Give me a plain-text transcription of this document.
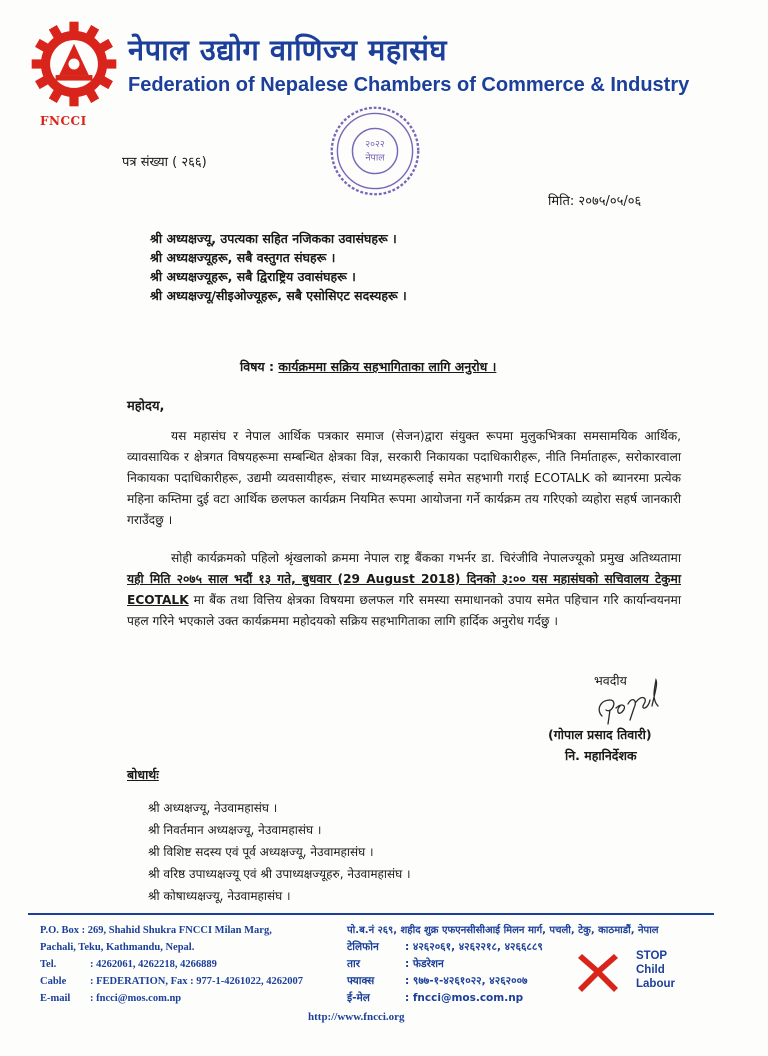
FNCCI
नेपाल उद्योग वाणिज्य महासंघ
Federation of Nepalese Chambers of Commerce & Industry
२०२२
नेपाल
पत्र संख्या ( २६६)
मिति: २०७५/०५/०६
श्री अध्यक्षज्यू, उपत्यका सहित नजिकका उवासंघहरू ।
श्री अध्यक्षज्यूहरू, सबै वस्तुगत संघहरू ।
श्री अध्यक्षज्यूहरू, सबै द्विराष्ट्रिय उवासंघहरू ।
श्री अध्यक्षज्यू/सीइओज्यूहरू, सबै एसोसिएट सदस्यहरू ।
विषय : कार्यक्रममा सक्रिय सहभागिताका लागि अनुरोध ।
महोदय,
यस महासंघ र नेपाल आर्थिक पत्रकार समाज (सेजन)द्वारा संयुक्त रूपमा मुलुकभित्रका समसामयिक आर्थिक, व्यावसायिक र क्षेत्रगत विषयहरूमा सम्बन्धित क्षेत्रका विज्ञ, सरकारी निकायका पदाधिकारीहरू, नीति निर्माताहरू, सरोकारवाला निकायका पदाधिकारीहरू, उद्यमी व्यवसायीहरू, संचार माध्यमहरूलाई समेत सहभागी गराई ECOTALK को ब्यानरमा प्रत्येक महिना कम्तिमा दुई वटा आर्थिक छलफल कार्यक्रम नियमित रूपमा आयोजना गर्ने कार्यक्रम तय गरिएको व्यहोरा सहर्ष जानकारी गराउँदछु ।
सोही कार्यक्रमको पहिलो श्रृंखलाको क्रममा नेपाल राष्ट्र बैंकका गभर्नर डा. चिरंजीवि नेपालज्यूको प्रमुख अतिथ्यतामा यही मिति २०७५ साल भदौं १३ गते, बुधवार (29 August 2018) दिनको ३:०० यस महासंघको सचिवालय टेकुमा ECOTALK मा बैंक तथा वित्तिय क्षेत्रका विषयमा छलफल गरि समस्या समाधानको उपाय समेत पहिचान गरि कार्यान्वयनमा पहल गरिने भएकाले उक्त कार्यक्रममा महोदयको सक्रिय सहभागिताका लागि हार्दिक अनुरोध गर्दछु ।
भवदीय
(गोपाल प्रसाद तिवारी)
नि. महानिर्देशक
बोधार्थः
श्री अध्यक्षज्यू, नेउवामहासंघ ।
श्री निवर्तमान अध्यक्षज्यू, नेउवामहासंघ ।
श्री विशिष्ट सदस्य एवं पूर्व अध्यक्षज्यू, नेउवामहासंघ ।
श्री वरिष्ठ उपाध्यक्षज्यू एवं श्री उपाध्यक्षज्यूहरु, नेउवामहासंघ ।
श्री कोषाध्यक्षज्यू, नेउवामहासंघ ।
P.O. Box : 269, Shahid Shukra FNCCI Milan Marg,
Pachali, Teku, Kathmandu, Nepal.
Tel.	: 4262061, 4262218, 4266889
Cable : FEDERATION, Fax : 977-1-4261022, 4262007
E-mail : fncci@mos.com.np
पो.ब.नं २६९, शहीद शुक्र एफएनसीसीआई मिलन मार्ग, पचली, टेकु, काठमाडौं, नेपाल
टेलिफोन : ४२६२०६१, ४२६२२१८, ४२६६८८९
तार	: फेडरेशन
फ्याक्स	: ९७७-१-४२६१०२२, ४२६२००७
ई-मेल	: fncci@mos.com.np
STOP
Child
Labour
http://www.fncci.org
